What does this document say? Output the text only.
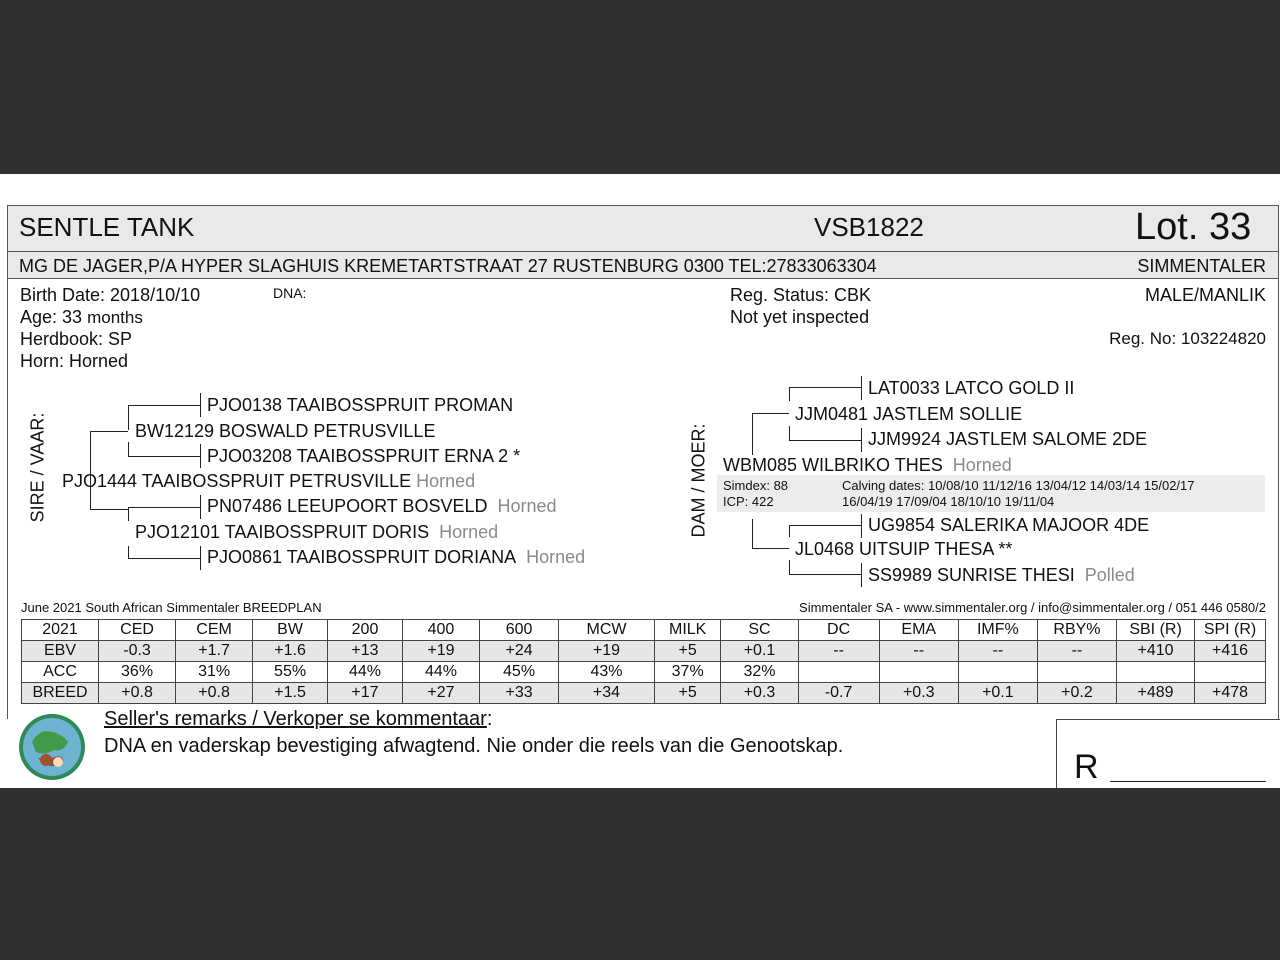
SENTLE TANK	VSB1822	Lot. 33
MG DE JAGER,P/A HYPER SLAGHUIS KREMETARTSTRAAT 27 RUSTENBURG 0300 TEL:27833063304	SIMMENTALER
Birth Date: 2018/10/10	DNA:
Age: 33 months
Herdbook: SP
Horn: Horned
Reg. Status: CBK
Not yet inspected
MALE/MANLIK
Reg. No: 103224820
SIRE / VAAR:
PJO0138 TAAIBOSSPRUIT PROMAN
BW12129 BOSWALD PETRUSVILLE
PJO03208 TAAIBOSSPRUIT ERNA 2 *
PJO1444 TAAIBOSSPRUIT PETRUSVILLE Horned
PN07486 LEEUPOORT BOSVELD Horned
PJO12101 TAAIBOSSPRUIT DORIS Horned
PJO0861 TAAIBOSSPRUIT DORIANA Horned
DAM / MOER:
LAT0033 LATCO GOLD II
JJM0481 JASTLEM SOLLIE
JJM9924 JASTLEM SALOME 2DE
WBM085 WILBRIKO THES Horned
Simdex: 88
ICP: 422
Calving dates: 10/08/10 11/12/16 13/04/12 14/03/14 15/02/17
16/04/19 17/09/04 18/10/10 19/11/04
UG9854 SALERIKA MAJOOR 4DE
JL0468 UITSUIP THESA **
SS9989 SUNRISE THESI Polled
June 2021 South African Simmentaler BREEDPLAN	Simmentaler SA - www.simmentaler.org / info@simmentaler.org / 051 446 0580/2
2021	CED	CEM	BW	200	400	600	MCW	MILK	SC	DC	EMA	IMF%	RBY%	SBI (R)	SPI (R)
EBV	-0.3	+1.7	+1.6	+13	+19	+24	+19	+5	+0.1	--	--	--	--	+410	+416
ACC	36%	31%	55%	44%	44%	45%	43%	37%	32%						
BREED	+0.8	+0.8	+1.5	+17	+27	+33	+34	+5	+0.3	-0.7	+0.3	+0.1	+0.2	+489	+478
Seller's remarks / Verkoper se kommentaar:
DNA en vaderskap bevestiging afwagtend. Nie onder die reels van die Genootskap.
R
